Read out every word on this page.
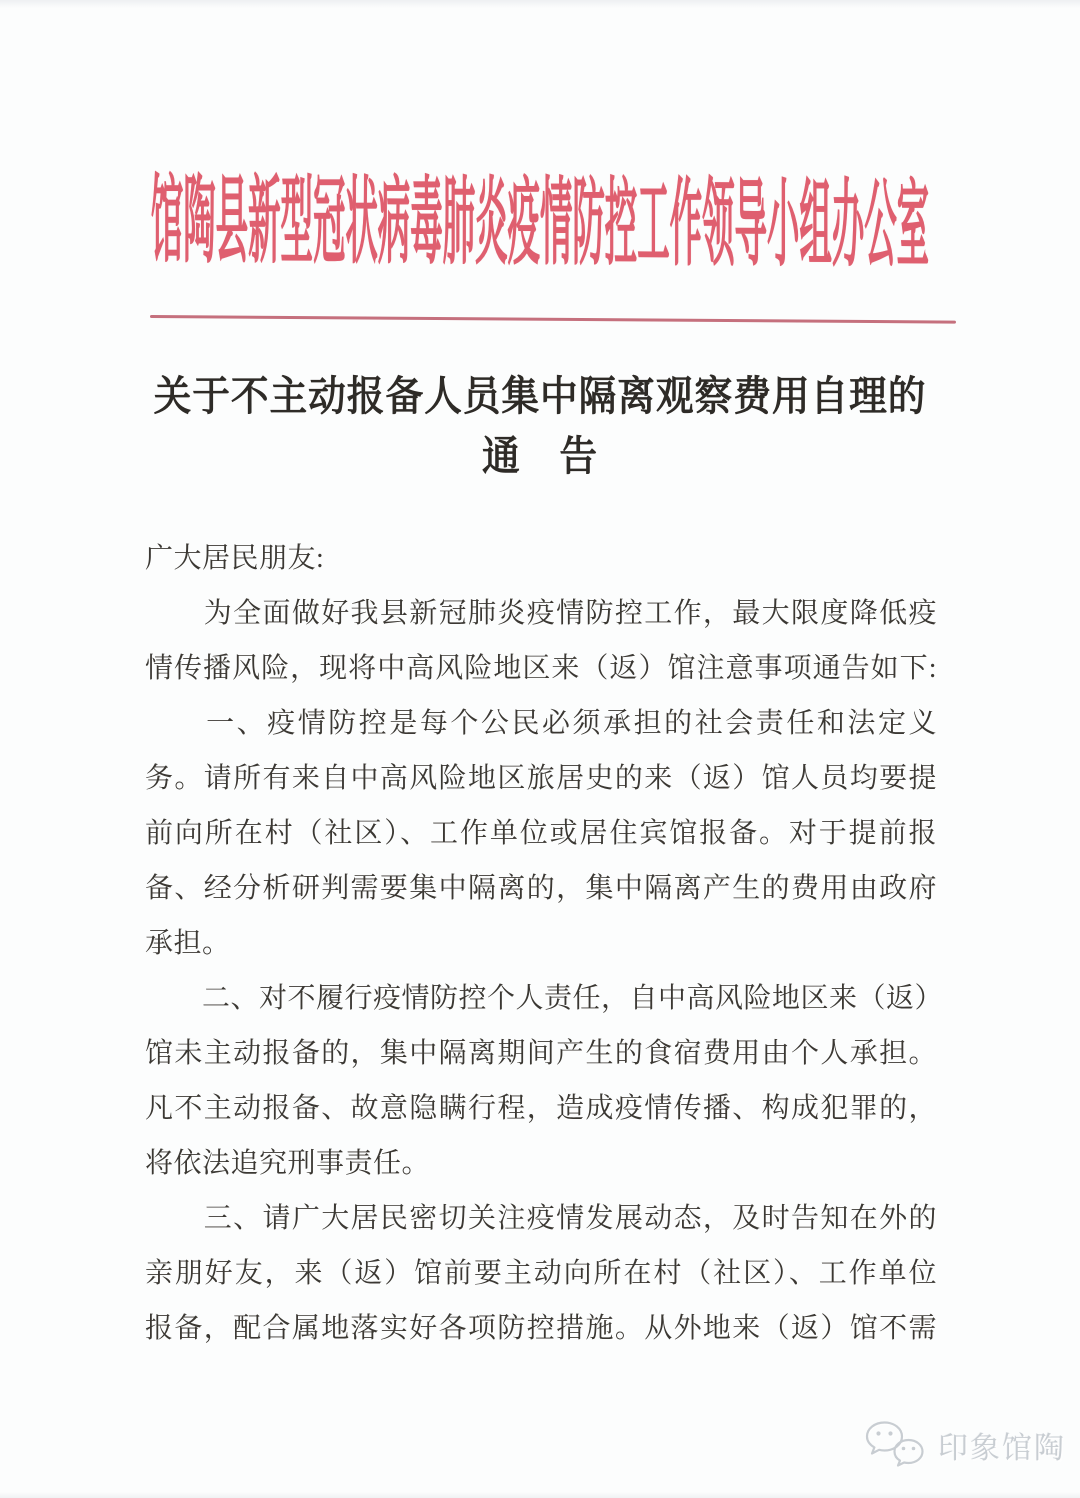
馆陶县新型冠状病毒肺炎疫情防控工作领导小组办公室
关于不主动报备人员集中隔离观察费用自理的
通　告
广大居民朋友:
　　为全面做好我县新冠肺炎疫情防控工作，最大限度降低疫
情传播风险，现将中高风险地区来（返）馆注意事项通告如下:
　　一、疫情防控是每个公民必须承担的社会责任和法定义
务。请所有来自中高风险地区旅居史的来（返）馆人员均要提
前向所在村（社区）、工作单位或居住宾馆报备。对于提前报
备、经分析研判需要集中隔离的，集中隔离产生的费用由政府
承担。
　　二、对不履行疫情防控个人责任，自中高风险地区来（返）
馆未主动报备的，集中隔离期间产生的食宿费用由个人承担。
凡不主动报备、故意隐瞒行程，造成疫情传播、构成犯罪的，
将依法追究刑事责任。
　　三、请广大居民密切关注疫情发展动态，及时告知在外的
亲朋好友，来（返）馆前要主动向所在村（社区）、工作单位
报备，配合属地落实好各项防控措施。从外地来（返）馆不需
印象馆陶
